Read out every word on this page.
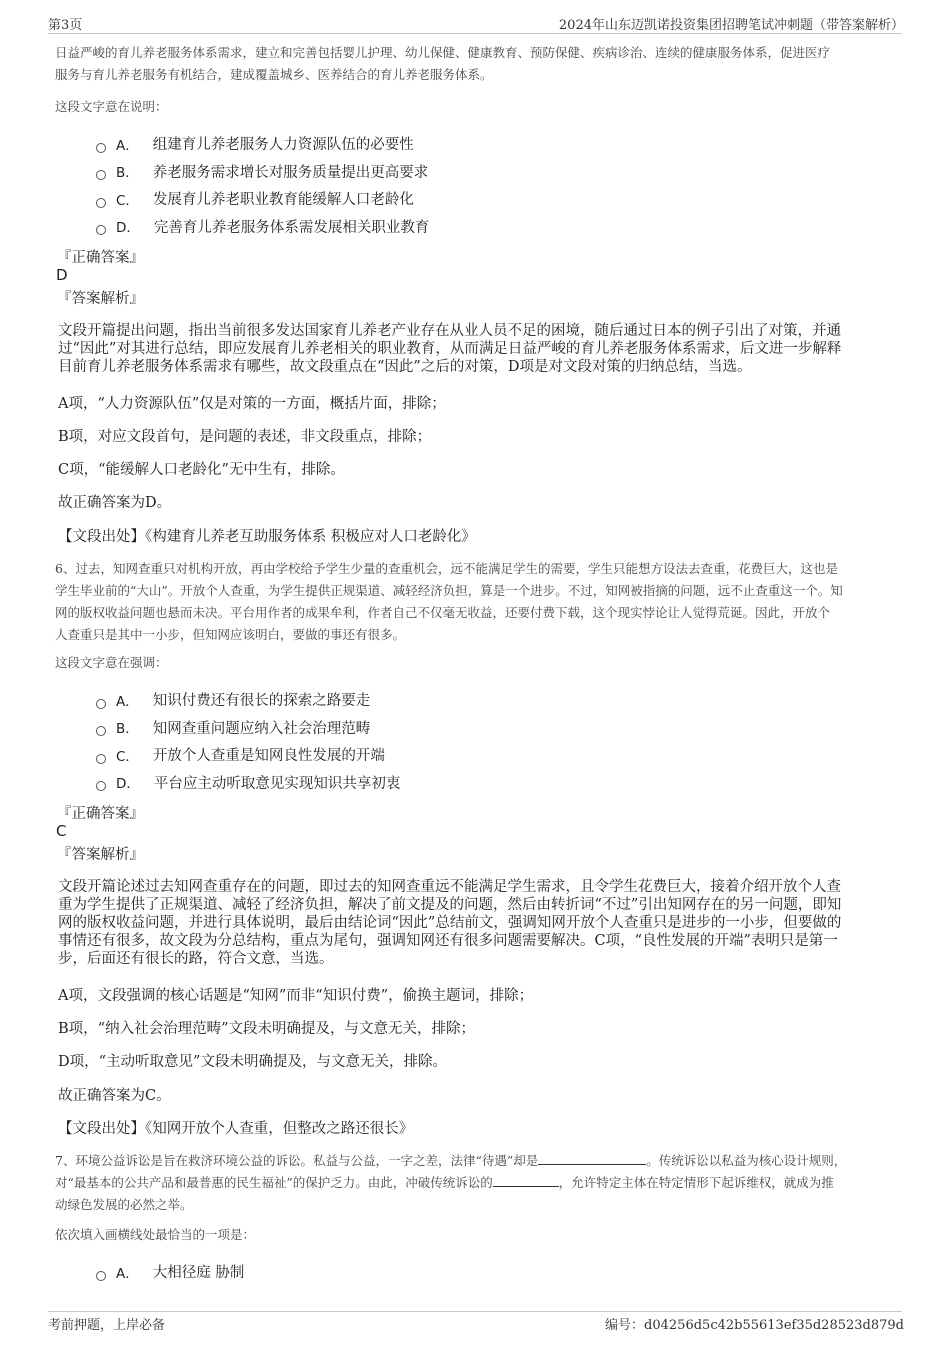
第3页	2024年山东迈凯诺投资集团招聘笔试冲刺题（带答案解析）
日益严峻的育儿养老服务体系需求，建立和完善包括婴儿护理、幼儿保健、健康教育、预防保健、疾病诊治、连续的健康服务体系，促进医疗
服务与育儿养老服务有机结合，建成覆盖城乡、医养结合的育儿养老服务体系。
这段文字意在说明：
A． 组建育儿养老服务人力资源队伍的必要性
B． 养老服务需求增长对服务质量提出更高要求
C． 发展育儿养老职业教育能缓解人口老龄化
D． 完善育儿养老服务体系需发展相关职业教育
『正确答案』
D
『答案解析』
文段开篇提出问题，指出当前很多发达国家育儿养老产业存在从业人员不足的困境，随后通过日本的例子引出了对策，并通
过“因此”对其进行总结，即应发展育儿养老相关的职业教育，从而满足日益严峻的育儿养老服务体系需求，后文进一步解释
目前育儿养老服务体系需求有哪些，故文段重点在“因此”之后的对策，D项是对文段对策的归纳总结，当选。
A项，“人力资源队伍”仅是对策的一方面，概括片面，排除；
B项，对应文段首句，是问题的表述，非文段重点，排除；
C项，“能缓解人口老龄化”无中生有，排除。
故正确答案为D。
【文段出处】《构建育儿养老互助服务体系 积极应对人口老龄化》
6、过去，知网查重只对机构开放，再由学校给予学生少量的查重机会，远不能满足学生的需要，学生只能想方设法去查重，花费巨大，这也是
学生毕业前的“大山”。开放个人查重，为学生提供正规渠道、减轻经济负担，算是一个进步。不过，知网被指摘的问题，远不止查重这一个。知
网的版权收益问题也悬而未决。平台用作者的成果牟利，作者自己不仅毫无收益，还要付费下载，这个现实悖论让人觉得荒诞。因此，开放个
人查重只是其中一小步，但知网应该明白，要做的事还有很多。
这段文字意在强调：
A． 知识付费还有很长的探索之路要走
B． 知网查重问题应纳入社会治理范畴
C． 开放个人查重是知网良性发展的开端
D． 平台应主动听取意见实现知识共享初衷
『正确答案』
C
『答案解析』
文段开篇论述过去知网查重存在的问题，即过去的知网查重远不能满足学生需求，且令学生花费巨大，接着介绍开放个人查
重为学生提供了正规渠道、减轻了经济负担，解决了前文提及的问题，然后由转折词“不过”引出知网存在的另一问题，即知
网的版权收益问题，并进行具体说明，最后由结论词“因此”总结前文，强调知网开放个人查重只是进步的一小步，但要做的
事情还有很多，故文段为分总结构，重点为尾句，强调知网还有很多问题需要解决。C项，“良性发展的开端”表明只是第一
步，后面还有很长的路，符合文意，当选。
A项，文段强调的核心话题是“知网”而非“知识付费”，偷换主题词，排除；
B项，“纳入社会治理范畴”文段未明确提及，与文意无关，排除；
D项，“主动听取意见”文段未明确提及，与文意无关，排除。
故正确答案为C。
【文段出处】《知网开放个人查重，但整改之路还很长》
7、环境公益诉讼是旨在救济环境公益的诉讼。私益与公益，一字之差，法律“待遇”却是	。传统诉讼以私益为核心设计规则，
对“最基本的公共产品和最普惠的民生福祉”的保护乏力。由此，冲破传统诉讼的	，允许特定主体在特定情形下起诉维权，就成为推
动绿色发展的必然之举。
依次填入画横线处最恰当的一项是：
A． 大相径庭 胁制
考前押题，上岸必备	编号：d04256d5c42b55613ef35d28523d879d
